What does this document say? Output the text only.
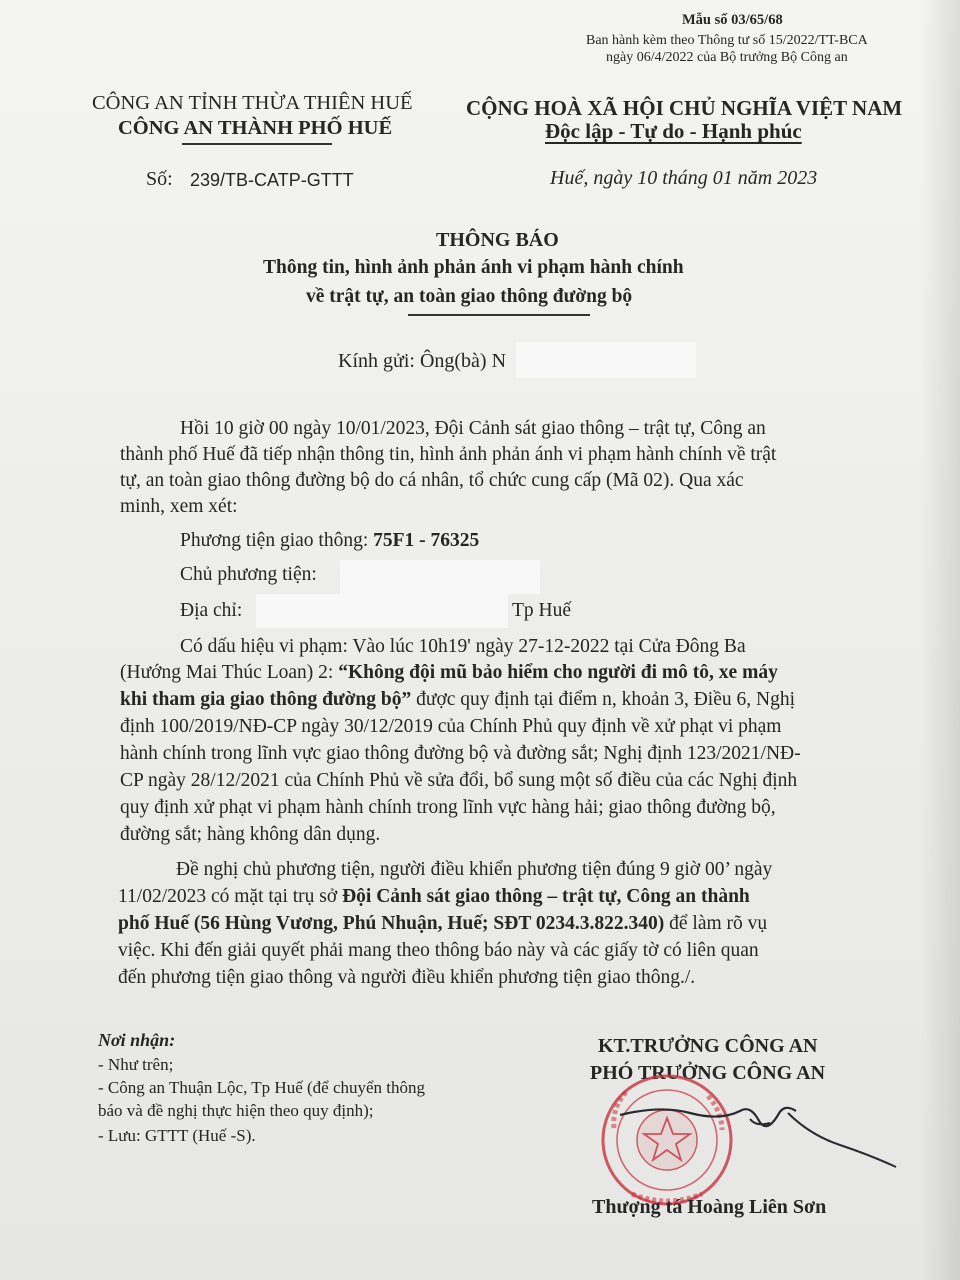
Mẫu số 03/65/68
Ban hành kèm theo Thông tư số 15/2022/TT-BCA
ngày 06/4/2022 của Bộ trưởng Bộ Công an
CÔNG AN TỈNH THỪA THIÊN HUẾ
CÔNG AN THÀNH PHỐ HUẾ
Số: 239/TB-CATP-GTTT
CỘNG HOÀ XÃ HỘI CHỦ NGHĨA VIỆT NAM
Độc lập - Tự do - Hạnh phúc
Huế, ngày 10 tháng 01 năm 2023
THÔNG BÁO
Thông tin, hình ảnh phản ánh vi phạm hành chính
về trật tự, an toàn giao thông đường bộ
Kính gửi: Ông(bà) N
Hồi 10 giờ 00 ngày 10/01/2023, Đội Cảnh sát giao thông – trật tự, Công an
thành phố Huế đã tiếp nhận thông tin, hình ảnh phản ánh vi phạm hành chính về trật
tự, an toàn giao thông đường bộ do cá nhân, tổ chức cung cấp (Mã 02). Qua xác
minh, xem xét:
Phương tiện giao thông: 75F1 - 76325
Chủ phương tiện:
Địa chỉ:	Tp Huế
Có dấu hiệu vi phạm: Vào lúc 10h19' ngày 27-12-2022 tại Cửa Đông Ba
(Hướng Mai Thúc Loan) 2: “Không đội mũ bảo hiểm cho người đi mô tô, xe máy
khi tham gia giao thông đường bộ” được quy định tại điểm n, khoản 3, Điều 6, Nghị
định 100/2019/NĐ-CP ngày 30/12/2019 của Chính Phủ quy định về xử phạt vi phạm
hành chính trong lĩnh vực giao thông đường bộ và đường sắt; Nghị định 123/2021/NĐ-
CP ngày 28/12/2021 của Chính Phủ về sửa đổi, bổ sung một số điều của các Nghị định
quy định xử phạt vi phạm hành chính trong lĩnh vực hàng hải; giao thông đường bộ,
đường sắt; hàng không dân dụng.
Đề nghị chủ phương tiện, người điều khiển phương tiện đúng 9 giờ 00’ ngày
11/02/2023 có mặt tại trụ sở Đội Cảnh sát giao thông – trật tự, Công an thành
phố Huế (56 Hùng Vương, Phú Nhuận, Huế; SĐT 0234.3.822.340) để làm rõ vụ
việc. Khi đến giải quyết phải mang theo thông báo này và các giấy tờ có liên quan
đến phương tiện giao thông và người điều khiển phương tiện giao thông./.
Nơi nhận:
- Như trên;
- Công an Thuận Lộc, Tp Huế (để chuyển thông
báo và đề nghị thực hiện theo quy định);
- Lưu: GTTT (Huế -S).
KT.TRƯỞNG CÔNG AN
PHÓ TRƯỞNG CÔNG AN
Thượng tá Hoàng Liên Sơn
